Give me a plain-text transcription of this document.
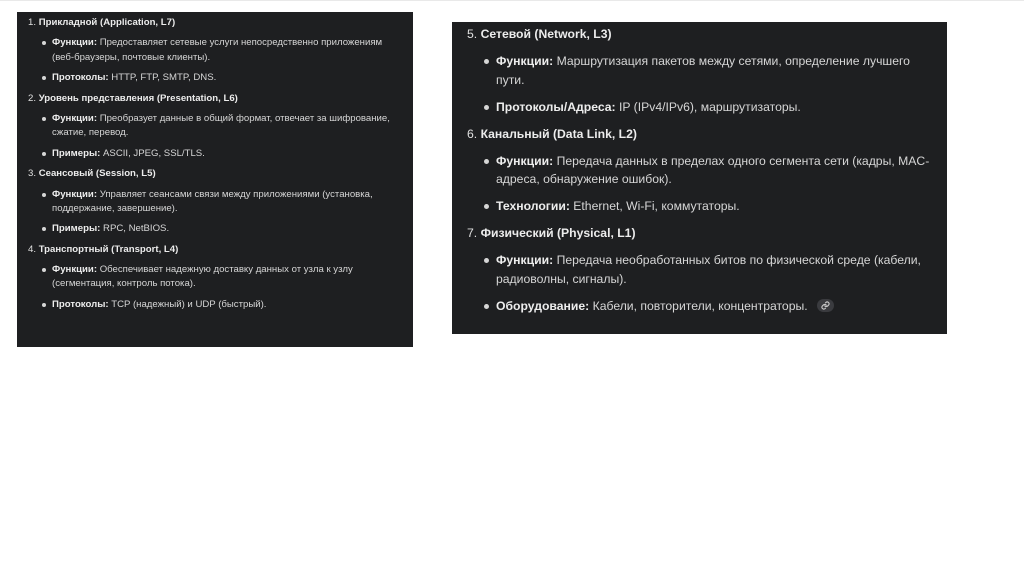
1. Прикладной (Application, L7)
Функции: Предоставляет сетевые услуги непосредственно приложениям (веб-браузеры, почтовые клиенты).
Протоколы: HTTP, FTP, SMTP, DNS.
2. Уровень представления (Presentation, L6)
Функции: Преобразует данные в общий формат, отвечает за шифрование, сжатие, перевод.
Примеры: ASCII, JPEG, SSL/TLS.
3. Сеансовый (Session, L5)
Функции: Управляет сеансами связи между приложениями (установка, поддержание, завершение).
Примеры: RPC, NetBIOS.
4. Транспортный (Transport, L4)
Функции: Обеспечивает надежную доставку данных от узла к узлу (сегментация, контроль потока).
Протоколы: TCP (надежный) и UDP (быстрый).
5. Сетевой (Network, L3)
Функции: Маршрутизация пакетов между сетями, определение лучшего пути.
Протоколы/Адреса: IP (IPv4/IPv6), маршрутизаторы.
6. Канальный (Data Link, L2)
Функции: Передача данных в пределах одного сегмента сети (кадры, MAC-адреса, обнаружение ошибок).
Технологии: Ethernet, Wi-Fi, коммутаторы.
7. Физический (Physical, L1)
Функции: Передача необработанных битов по физической среде (кабели, радиоволны, сигналы).
Оборудование: Кабели, повторители, концентраторы.
